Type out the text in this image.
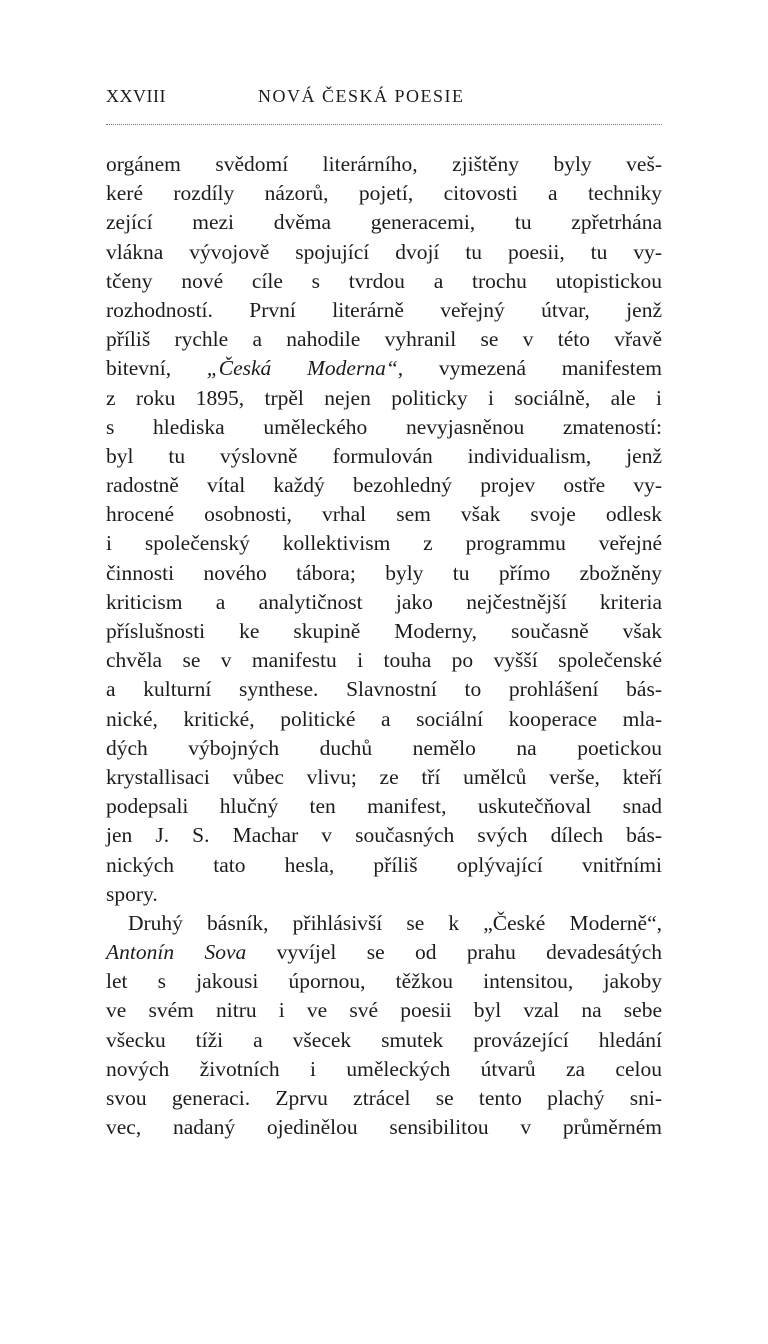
XXVIII	NOVÁ ČESKÁ POESIE
orgánem svědomí literárního, zjištěny byly veš-
keré rozdíly názorů, pojetí, citovosti a techniky
zející mezi dvěma generacemi, tu zpřetrhána
vlákna vývojově spojující dvojí tu poesii, tu vy-
tčeny nové cíle s tvrdou a trochu utopistickou
rozhodností. První literárně veřejný útvar, jenž
příliš rychle a nahodile vyhranil se v této vřavě
bitevní, „Česká Moderna“, vymezená manifestem
z roku 1895, trpěl nejen politicky i sociálně, ale i
s hlediska uměleckého nevyjasněnou zmateností:
byl tu výslovně formulován individualism, jenž
radostně vítal každý bezohledný projev ostře vy-
hrocené osobnosti, vrhal sem však svoje odlesk
i společenský kollektivism z programmu veřejné
činnosti nového tábora; byly tu přímo zbožněny
kriticism a analytičnost jako nejčestnější kriteria
příslušnosti ke skupině Moderny, současně však
chvěla se v manifestu i touha po vyšší společenské
a kulturní synthese. Slavnostní to prohlášení bás-
nické, kritické, politické a sociální kooperace mla-
dých výbojných duchů nemělo na poetickou
krystallisaci vůbec vlivu; ze tří umělců verše, kteří
podepsali hlučný ten manifest, uskutečňoval snad
jen J. S. Machar v současných svých dílech bás-
nických tato hesla, příliš oplývající vnitřními
spory.
Druhý básník, přihlásivší se k „České Moderně“,
Antonín Sova vyvíjel se od prahu devadesátých
let s jakousi úpornou, těžkou intensitou, jakoby
ve svém nitru i ve své poesii byl vzal na sebe
všecku tíži a všecek smutek provázející hledání
nových životních i uměleckých útvarů za celou
svou generaci. Zprvu ztrácel se tento plachý sni-
vec, nadaný ojedinělou sensibilitou v průměrném
